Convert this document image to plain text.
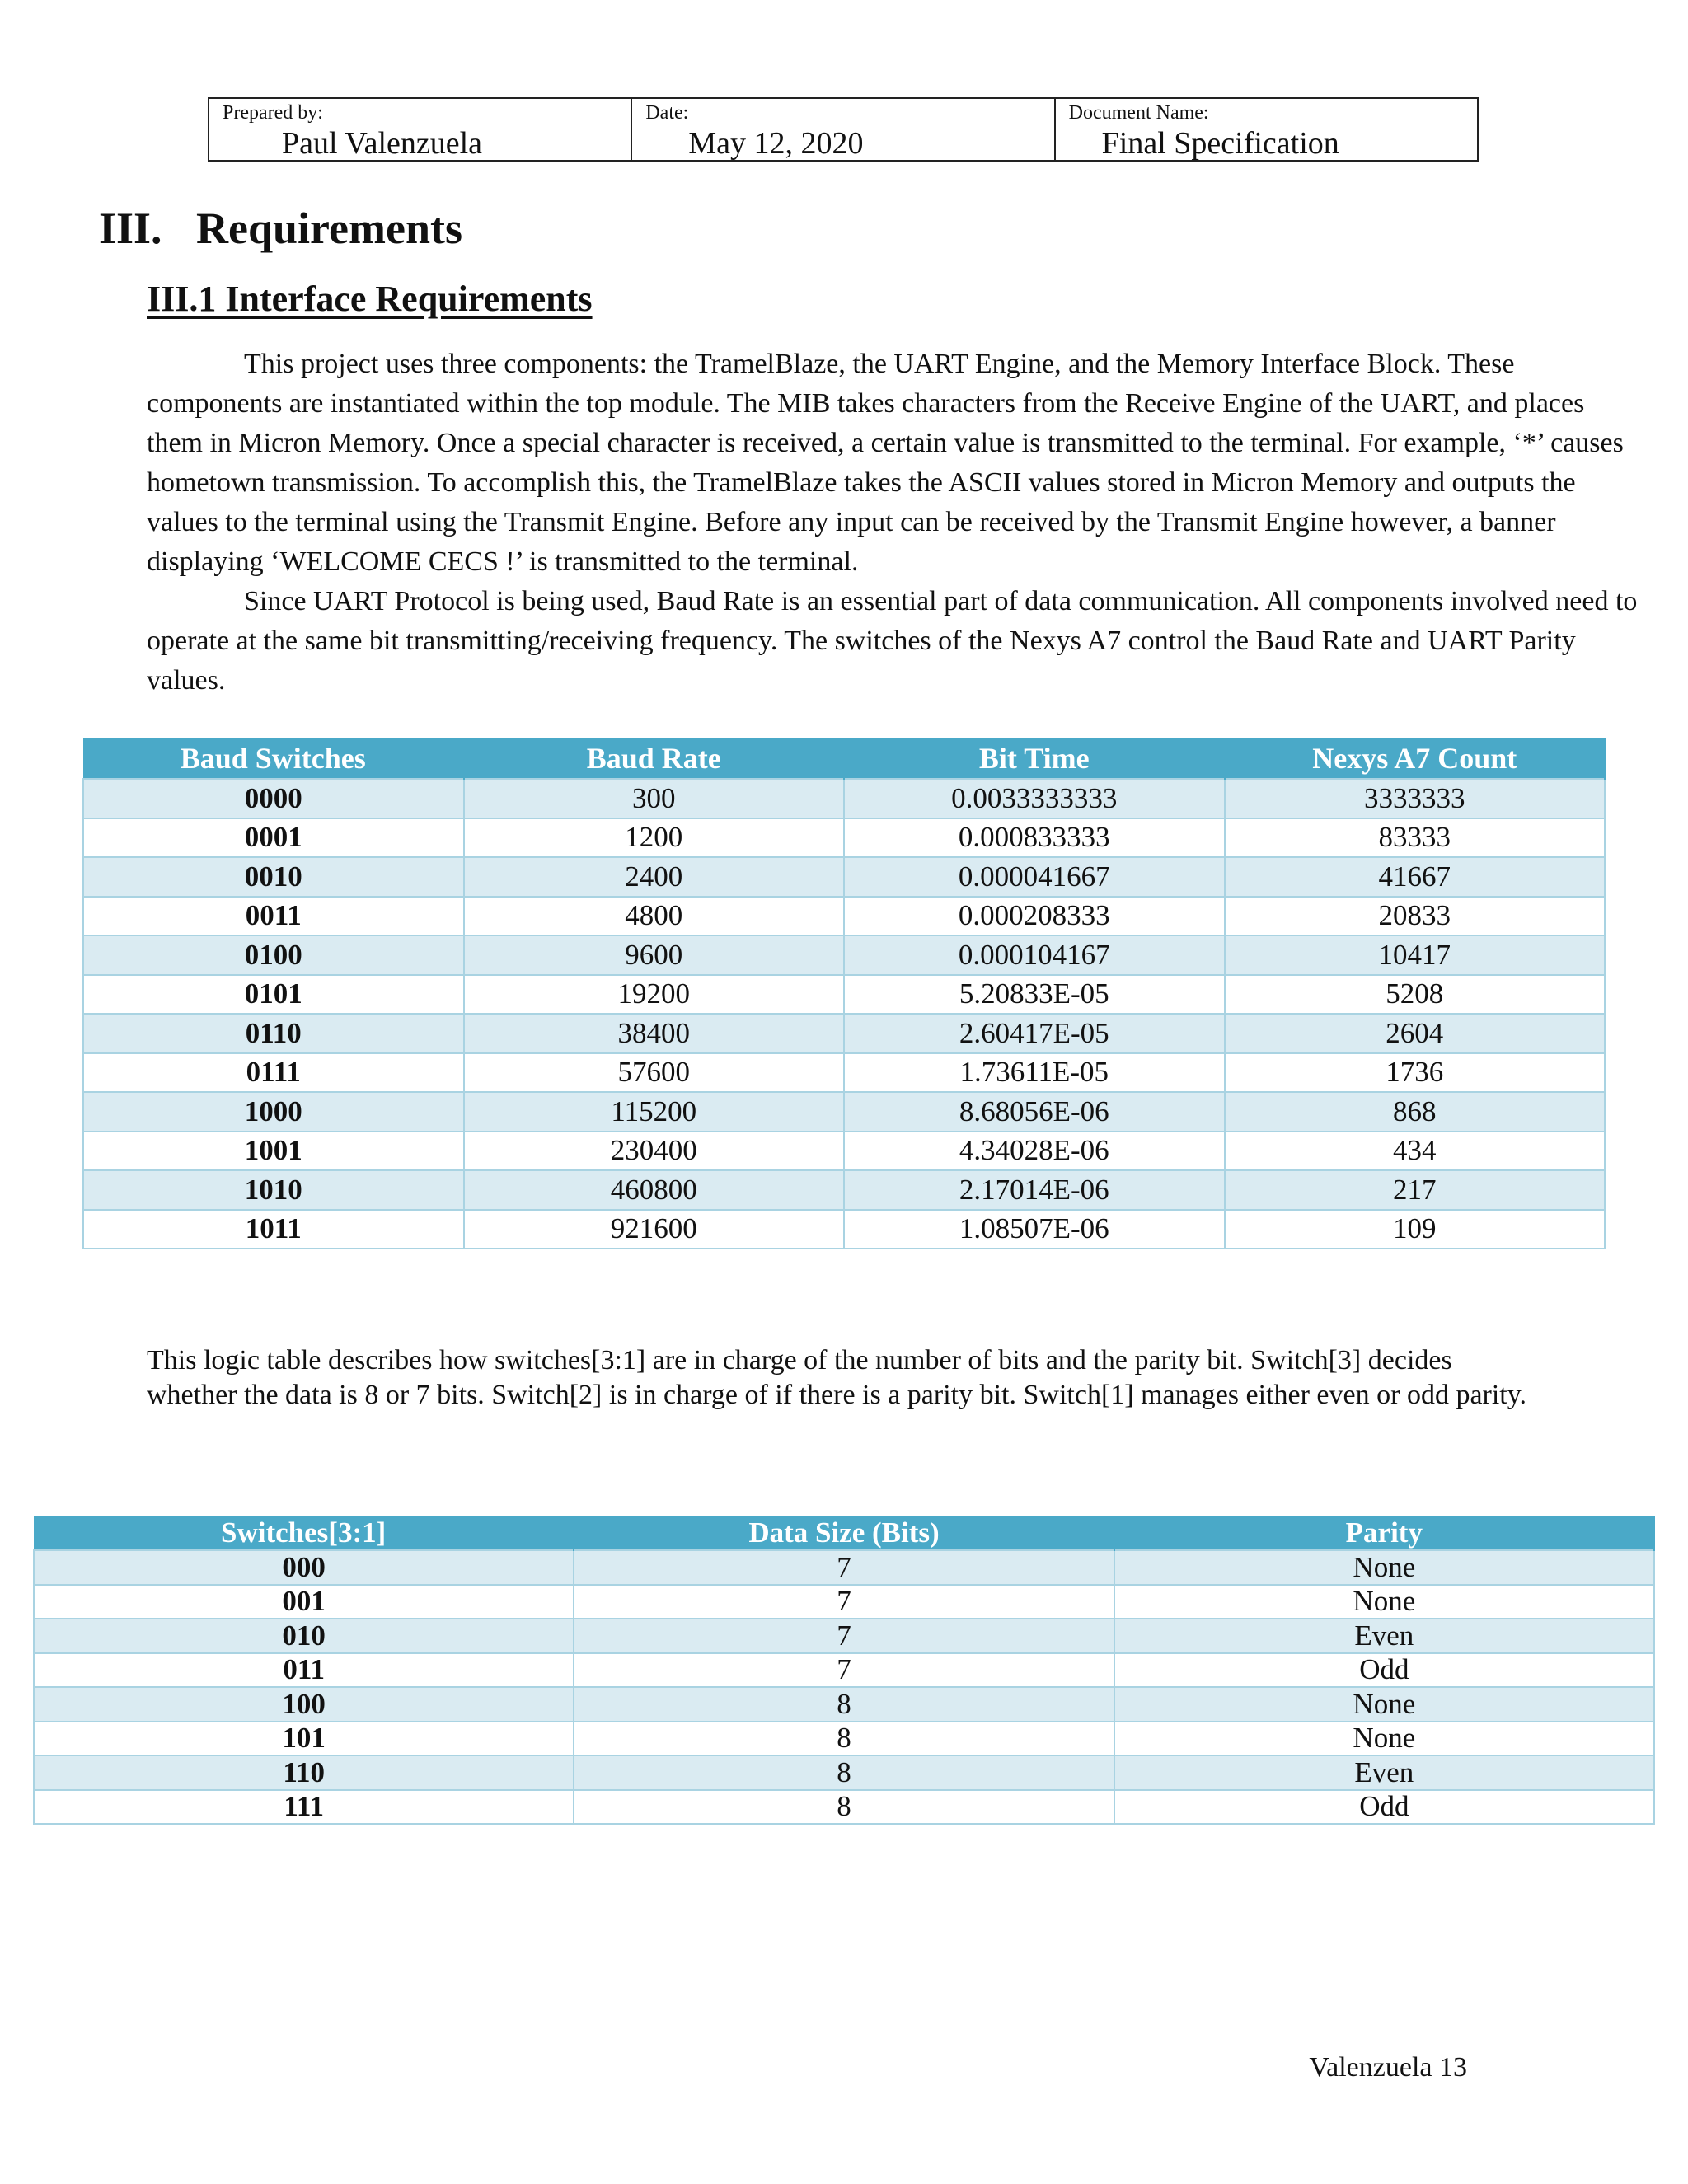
Prepared by:
Paul Valenzuela
Date:
May 12, 2020
Document Name:
Final Specification
III. Requirements
III.1 Interface Requirements

This project uses three components: the TramelBlaze, the UART Engine, and the Memory Interface Block. These components are instantiated within the top module. The MIB takes characters from the Receive Engine of the UART, and places them in Micron Memory. Once a special character is received, a certain value is transmitted to the terminal. For example, ‘*’ causes hometown transmission. To accomplish this, the TramelBlaze takes the ASCII values stored in Micron Memory and outputs the values to the terminal using the Transmit Engine. Before any input can be received by the Transmit Engine however, a banner displaying ‘WELCOME CECS !’ is transmitted to the terminal.

Since UART Protocol is being used, Baud Rate is an essential part of data communication. All components involved need to operate at the same bit transmitting/receiving frequency. The switches of the Nexys A7 control the Baud Rate and UART Parity values.

Baud Switches	Baud Rate	Bit Time	Nexys A7 Count
0000	300	0.0033333333	3333333
0001	1200	0.000833333	83333
0010	2400	0.000041667	41667
0011	4800	0.000208333	20833
0100	9600	0.000104167	10417
0101	19200	5.20833E-05	5208
0110	38400	2.60417E-05	2604
0111	57600	1.73611E-05	1736
1000	115200	8.68056E-06	868
1001	230400	4.34028E-06	434
1010	460800	2.17014E-06	217
1011	921600	1.08507E-06	109

This logic table describes how switches[3:1] are in charge of the number of bits and the parity bit. Switch[3] decides whether the data is 8 or 7 bits. Switch[2] is in charge of if there is a parity bit. Switch[1] manages either even or odd parity.

Switches[3:1]	Data Size (Bits)	Parity
000	7	None
001	7	None
010	7	Even
011	7	Odd
100	8	None
101	8	None
110	8	Even
111	8	Odd
Valenzuela 13
